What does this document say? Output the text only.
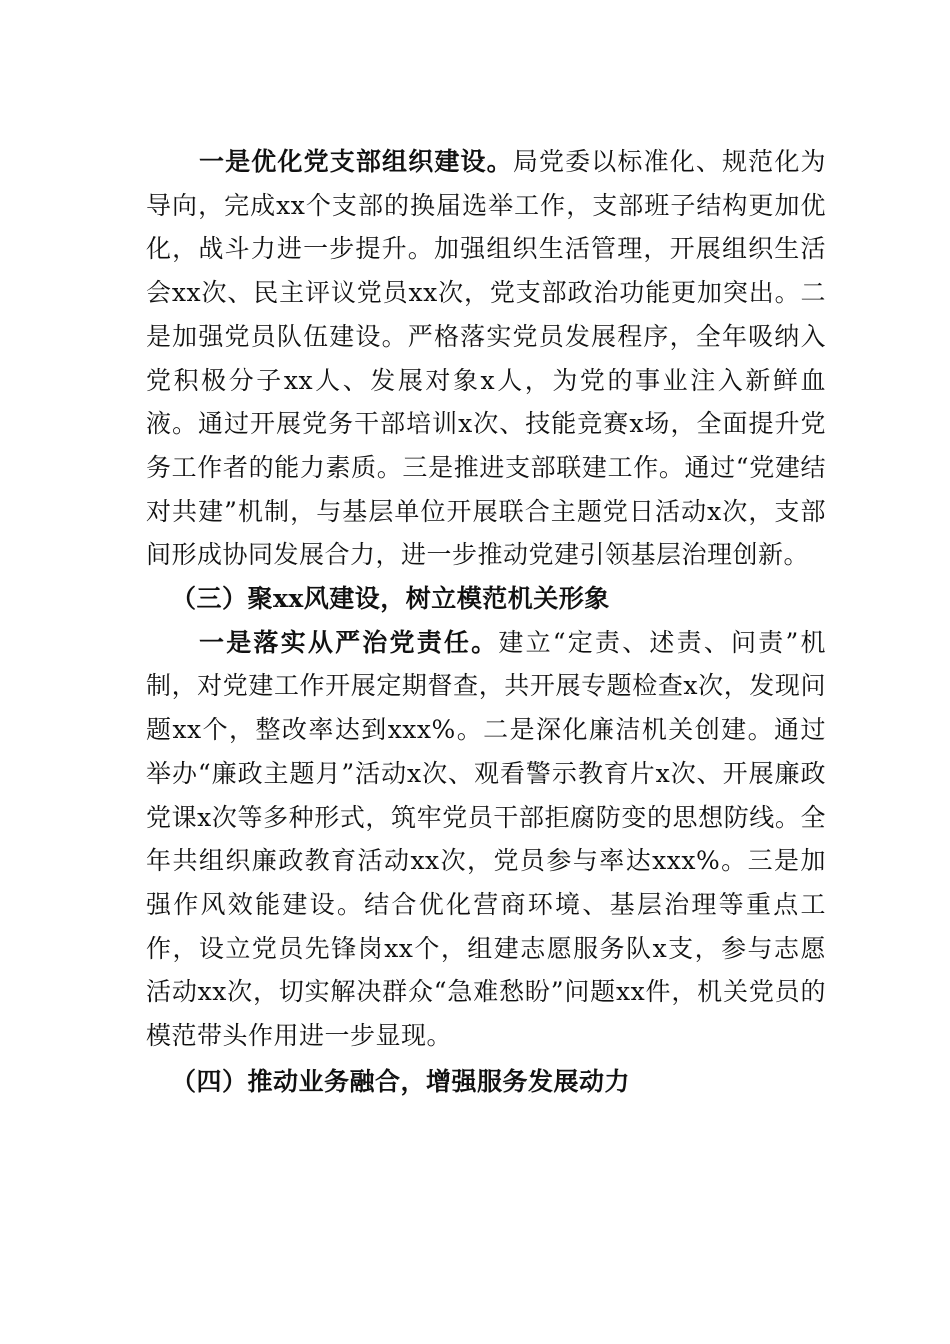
一是优化党支部组织建设。局党委以标准化、规范化为导向，完成xx个支部的换届选举工作，支部班子结构更加优化，战斗力进一步提升。加强组织生活管理，开展组织生活会xx次、民主评议党员xx次，党支部政治功能更加突出。二是加强党员队伍建设。严格落实党员发展程序，全年吸纳入党积极分子xx人、发展对象x人，为党的事业注入新鲜血液。通过开展党务干部培训x次、技能竞赛x场，全面提升党务工作者的能力素质。三是推进支部联建工作。通过“党建结对共建”机制，与基层单位开展联合主题党日活动x次，支部间形成协同发展合力，进一步推动党建引领基层治理创新。

（三）聚xx风建设，树立模范机关形象

一是落实从严治党责任。建立“定责、述责、问责”机制，对党建工作开展定期督查，共开展专题检查x次，发现问题xx个，整改率达到xxx%。二是深化廉洁机关创建。通过举办“廉政主题月”活动x次、观看警示教育片x次、开展廉政党课x次等多种形式，筑牢党员干部拒腐防变的思想防线。全年共组织廉政教育活动xx次，党员参与率达xxx%。三是加强作风效能建设。结合优化营商环境、基层治理等重点工作，设立党员先锋岗xx个，组建志愿服务队x支，参与志愿活动xx次，切实解决群众“急难愁盼”问题xx件，机关党员的模范带头作用进一步显现。

（四）推动业务融合，增强服务发展动力
